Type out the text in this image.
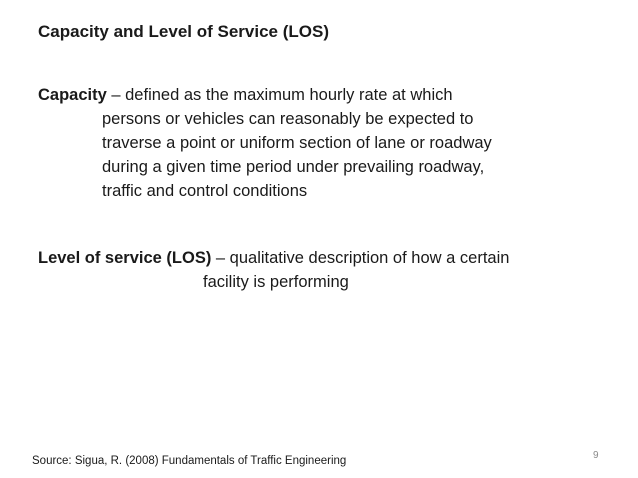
Capacity and Level of Service (LOS)
Capacity – defined as the maximum hourly rate at which
persons or vehicles can reasonably be expected to
traverse a point or uniform section of lane or roadway
during a given time period under prevailing roadway,
traffic and control conditions
Level of service (LOS) – qualitative description of how a certain
facility is performing
Source: Sigua, R. (2008) Fundamentals of Traffic Engineering	9
